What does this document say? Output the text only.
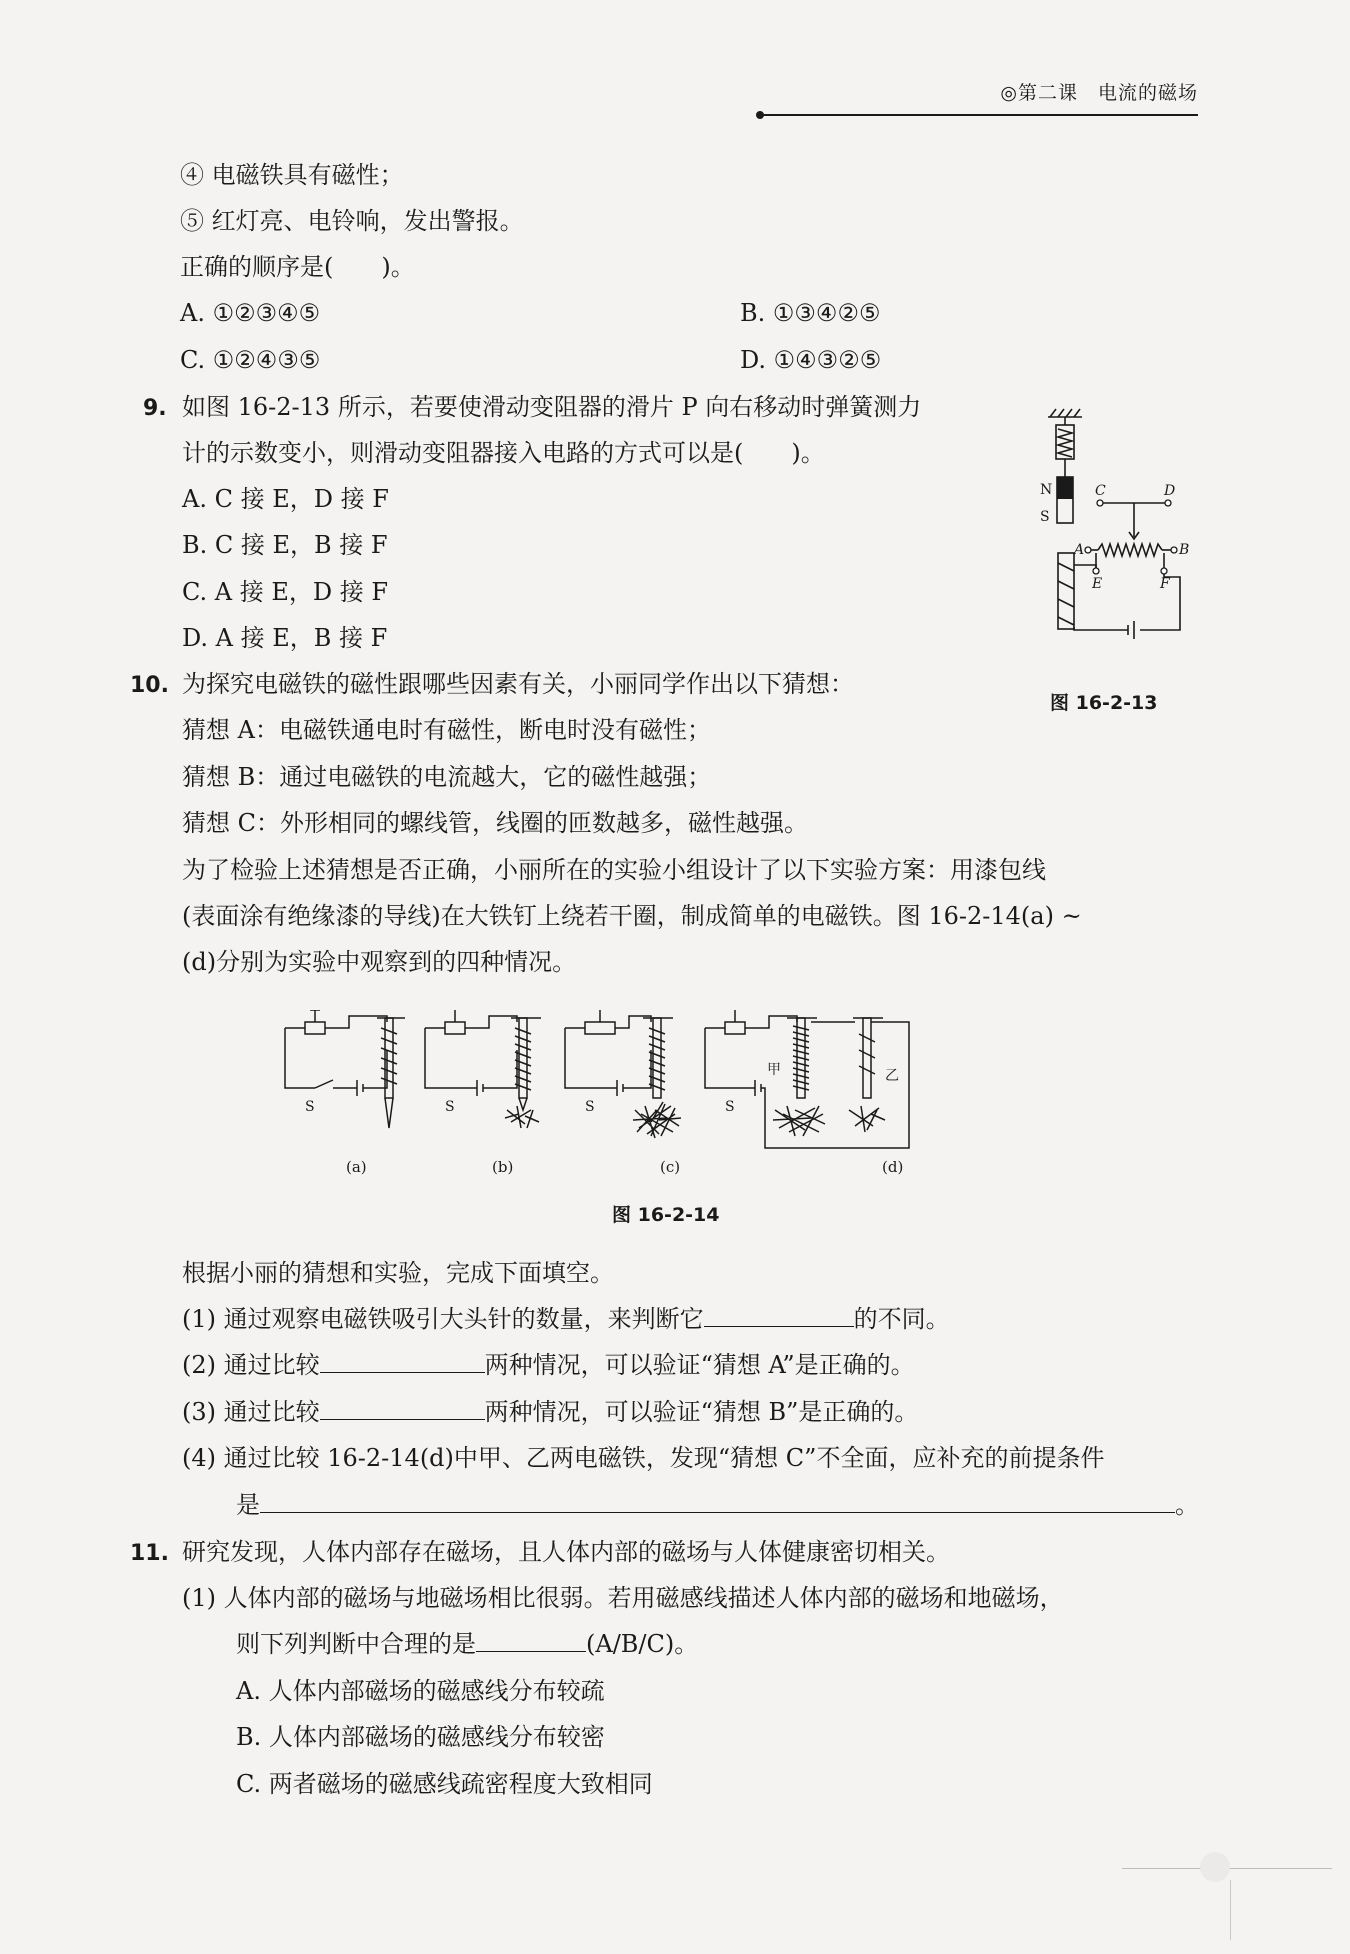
◎第二课　电流的磁场
④ 电磁铁具有磁性；
⑤ 红灯亮、电铃响，发出警报。
正确的顺序是(　　)。
A. ①②③④⑤	B. ①③④②⑤
C. ①②④③⑤	D. ①④③②⑤
9. 如图 16-2-13 所示，若要使滑动变阻器的滑片 P 向右移动时弹簧测力
计的示数变小，则滑动变阻器接入电路的方式可以是(　　)。
A. C 接 E，D 接 F
B. C 接 E，B 接 F
C. A 接 E，D 接 F
D. A 接 E，B 接 F
N
S
C	D
A	B
E	F
图 16-2-13
10. 为探究电磁铁的磁性跟哪些因素有关，小丽同学作出以下猜想：
猜想 A：电磁铁通电时有磁性，断电时没有磁性；
猜想 B：通过电磁铁的电流越大，它的磁性越强；
猜想 C：外形相同的螺线管，线圈的匝数越多，磁性越强。
为了检验上述猜想是否正确，小丽所在的实验小组设计了以下实验方案：用漆包线
(表面涂有绝缘漆的导线)在大铁钉上绕若干圈，制成简单的电磁铁。图 16-2-14(a) ~
(d)分别为实验中观察到的四种情况。
S	S	S	S
甲	乙
(a)	(b)	(c)	(d)
图 16-2-14
根据小丽的猜想和实验，完成下面填空。
(1) 通过观察电磁铁吸引大头针的数量，来判断它	的不同。
(2) 通过比较	两种情况，可以验证“猜想 A”是正确的。
(3) 通过比较	两种情况，可以验证“猜想 B”是正确的。
(4) 通过比较 16-2-14(d)中甲、乙两电磁铁，发现“猜想 C”不全面，应补充的前提条件
是	。
11. 研究发现，人体内部存在磁场，且人体内部的磁场与人体健康密切相关。
(1) 人体内部的磁场与地磁场相比很弱。若用磁感线描述人体内部的磁场和地磁场，
则下列判断中合理的是	(A/B/C)。
A. 人体内部磁场的磁感线分布较疏
B. 人体内部磁场的磁感线分布较密
C. 两者磁场的磁感线疏密程度大致相同
